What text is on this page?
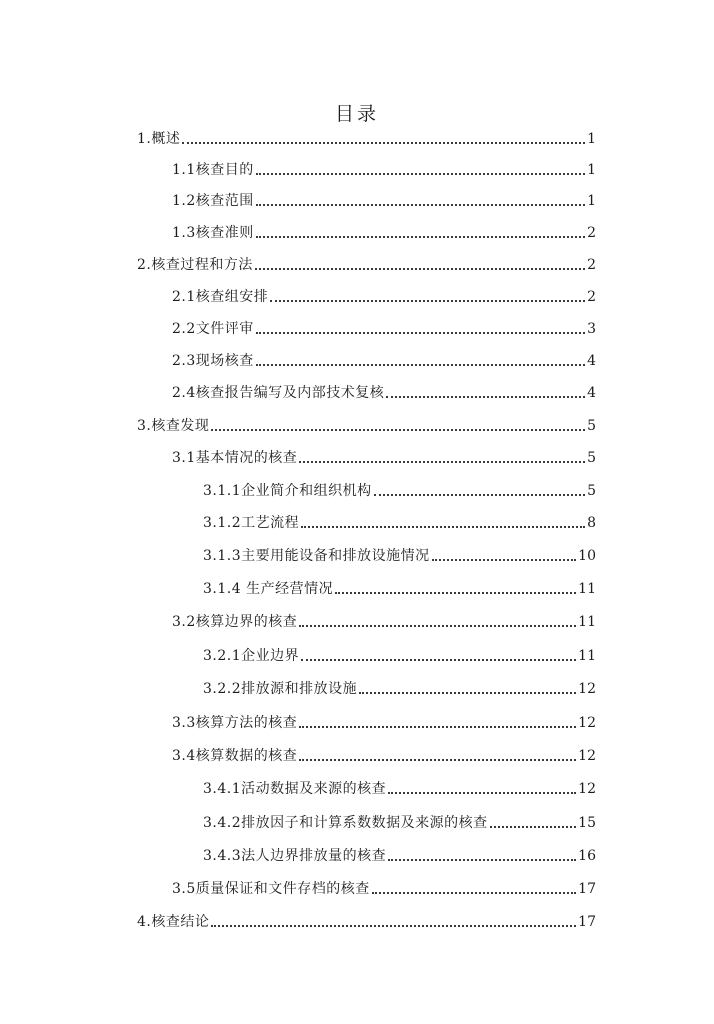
目录
1.概述	1
1.1核查目的	1
1.2核查范围	1
1.3核查准则	2
2.核查过程和方法	2
2.1核查组安排	2
2.2文件评审	3
2.3现场核查	4
2.4核查报告编写及内部技术复核	4
3.核查发现	5
3.1基本情况的核查	5
3.1.1企业简介和组织机构	5
3.1.2工艺流程	8
3.1.3主要用能设备和排放设施情况	10
3.1.4 生产经营情况	11
3.2核算边界的核查	11
3.2.1企业边界	11
3.2.2排放源和排放设施	12
3.3核算方法的核查	12
3.4核算数据的核查	12
3.4.1活动数据及来源的核查	12
3.4.2排放因子和计算系数数据及来源的核查	15
3.4.3法人边界排放量的核查	16
3.5质量保证和文件存档的核查	17
4.核查结论	17
